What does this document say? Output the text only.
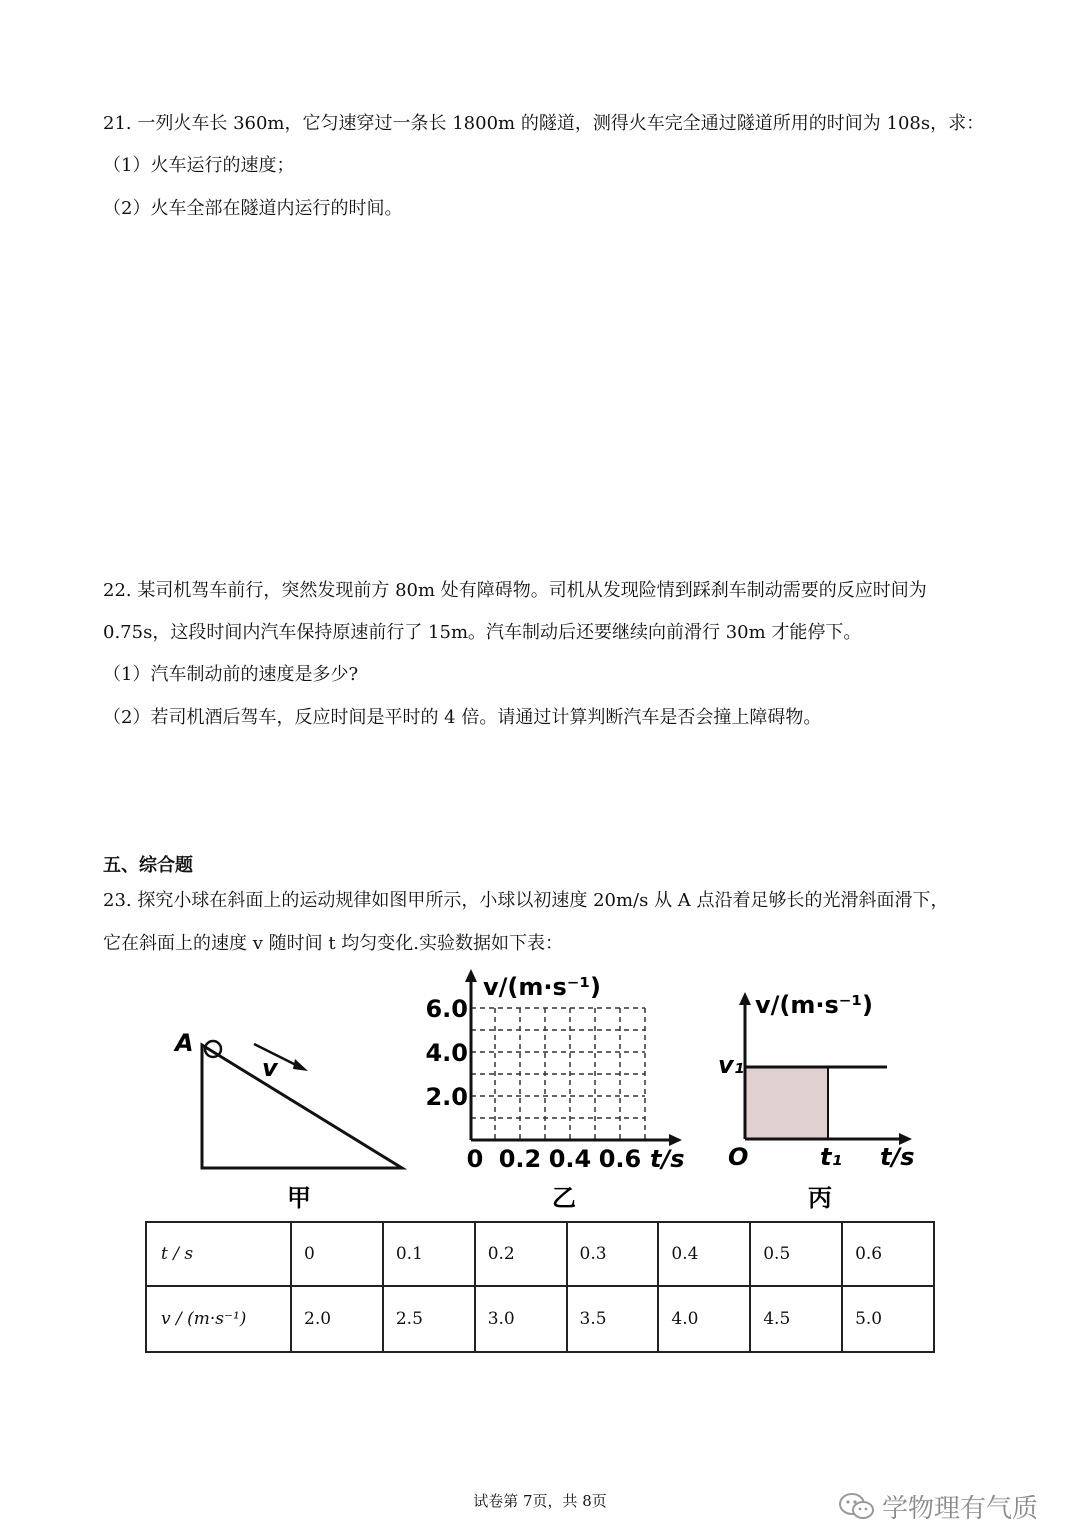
21. 一列火车长 360m，它匀速穿过一条长 1800m 的隧道，测得火车完全通过隧道所用的时间为 108s，求：
（1）火车运行的速度；
（2）火车全部在隧道内运行的时间。
22. 某司机驾车前行，突然发现前方 80m 处有障碍物。司机从发现险情到踩刹车制动需要的反应时间为
0.75s，这段时间内汽车保持原速前行了 15m。汽车制动后还要继续向前滑行 30m 才能停下。
（1）汽车制动前的速度是多少?
（2）若司机酒后驾车，反应时间是平时的 4 倍。请通过计算判断汽车是否会撞上障碍物。
五、综合题
23. 探究小球在斜面上的运动规律如图甲所示，小球以初速度 20m/s 从 A 点沿着足够长的光滑斜面滑下，
它在斜面上的速度 v 随时间 t 均匀变化.实验数据如下表：
A
v
甲
v/(m·s⁻¹)
6.0
4.0
2.0
0 0.2 0.4 0.6 t/s
乙
v/(m·s⁻¹)
v₁
O	t₁ t/s
丙
t / s	0	0.1	0.2	0.3	0.4	0.5	0.6
v / (m·s⁻¹)	2.0	2.5	3.0	3.5	4.0	4.5	5.0
试卷第 7页，共 8页	学物理有气质
